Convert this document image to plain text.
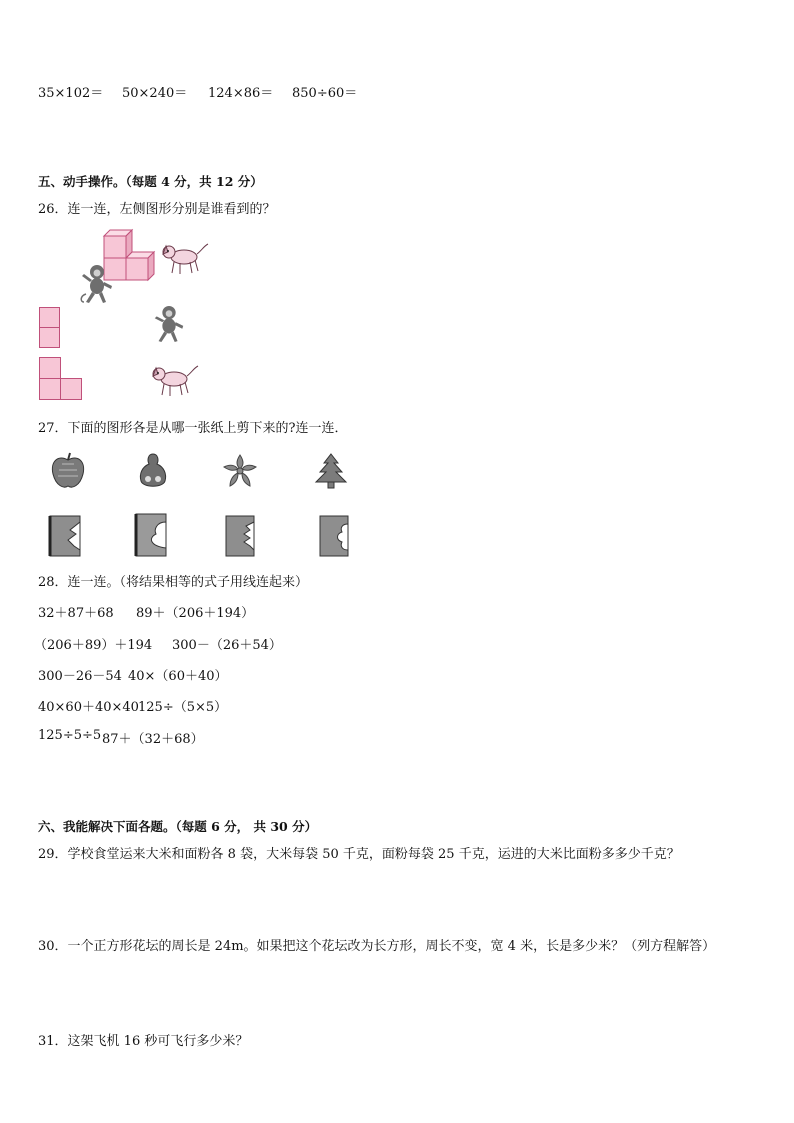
35×102＝ 50×240＝ 124×86＝ 850÷60＝
五、动手操作。（每题 4 分，共 12 分）
26．连一连，左侧图形分别是谁看到的？
27．下面的图形各是从哪一张纸上剪下来的?连一连．
28．连一连。（将结果相等的式子用线连起来）
32＋87＋68 89＋（206＋194）
（206＋89）＋194 300－（26＋54）
300－26－54 40×（60＋40）
40×60＋40×40 125÷（5×5）
125÷5÷5 87＋（32＋68）
六、我能解决下面各题。（每题 6 分， 共 30 分）
29．学校食堂运来大米和面粉各 8 袋，大米每袋 50 千克，面粉每袋 25 千克，运进的大米比面粉多多少千克？
30．一个正方形花坛的周长是 24m。如果把这个花坛改为长方形，周长不变，宽 4 米，长是多少米？（列方程解答）
31．这架飞机 16 秒可飞行多少米？
